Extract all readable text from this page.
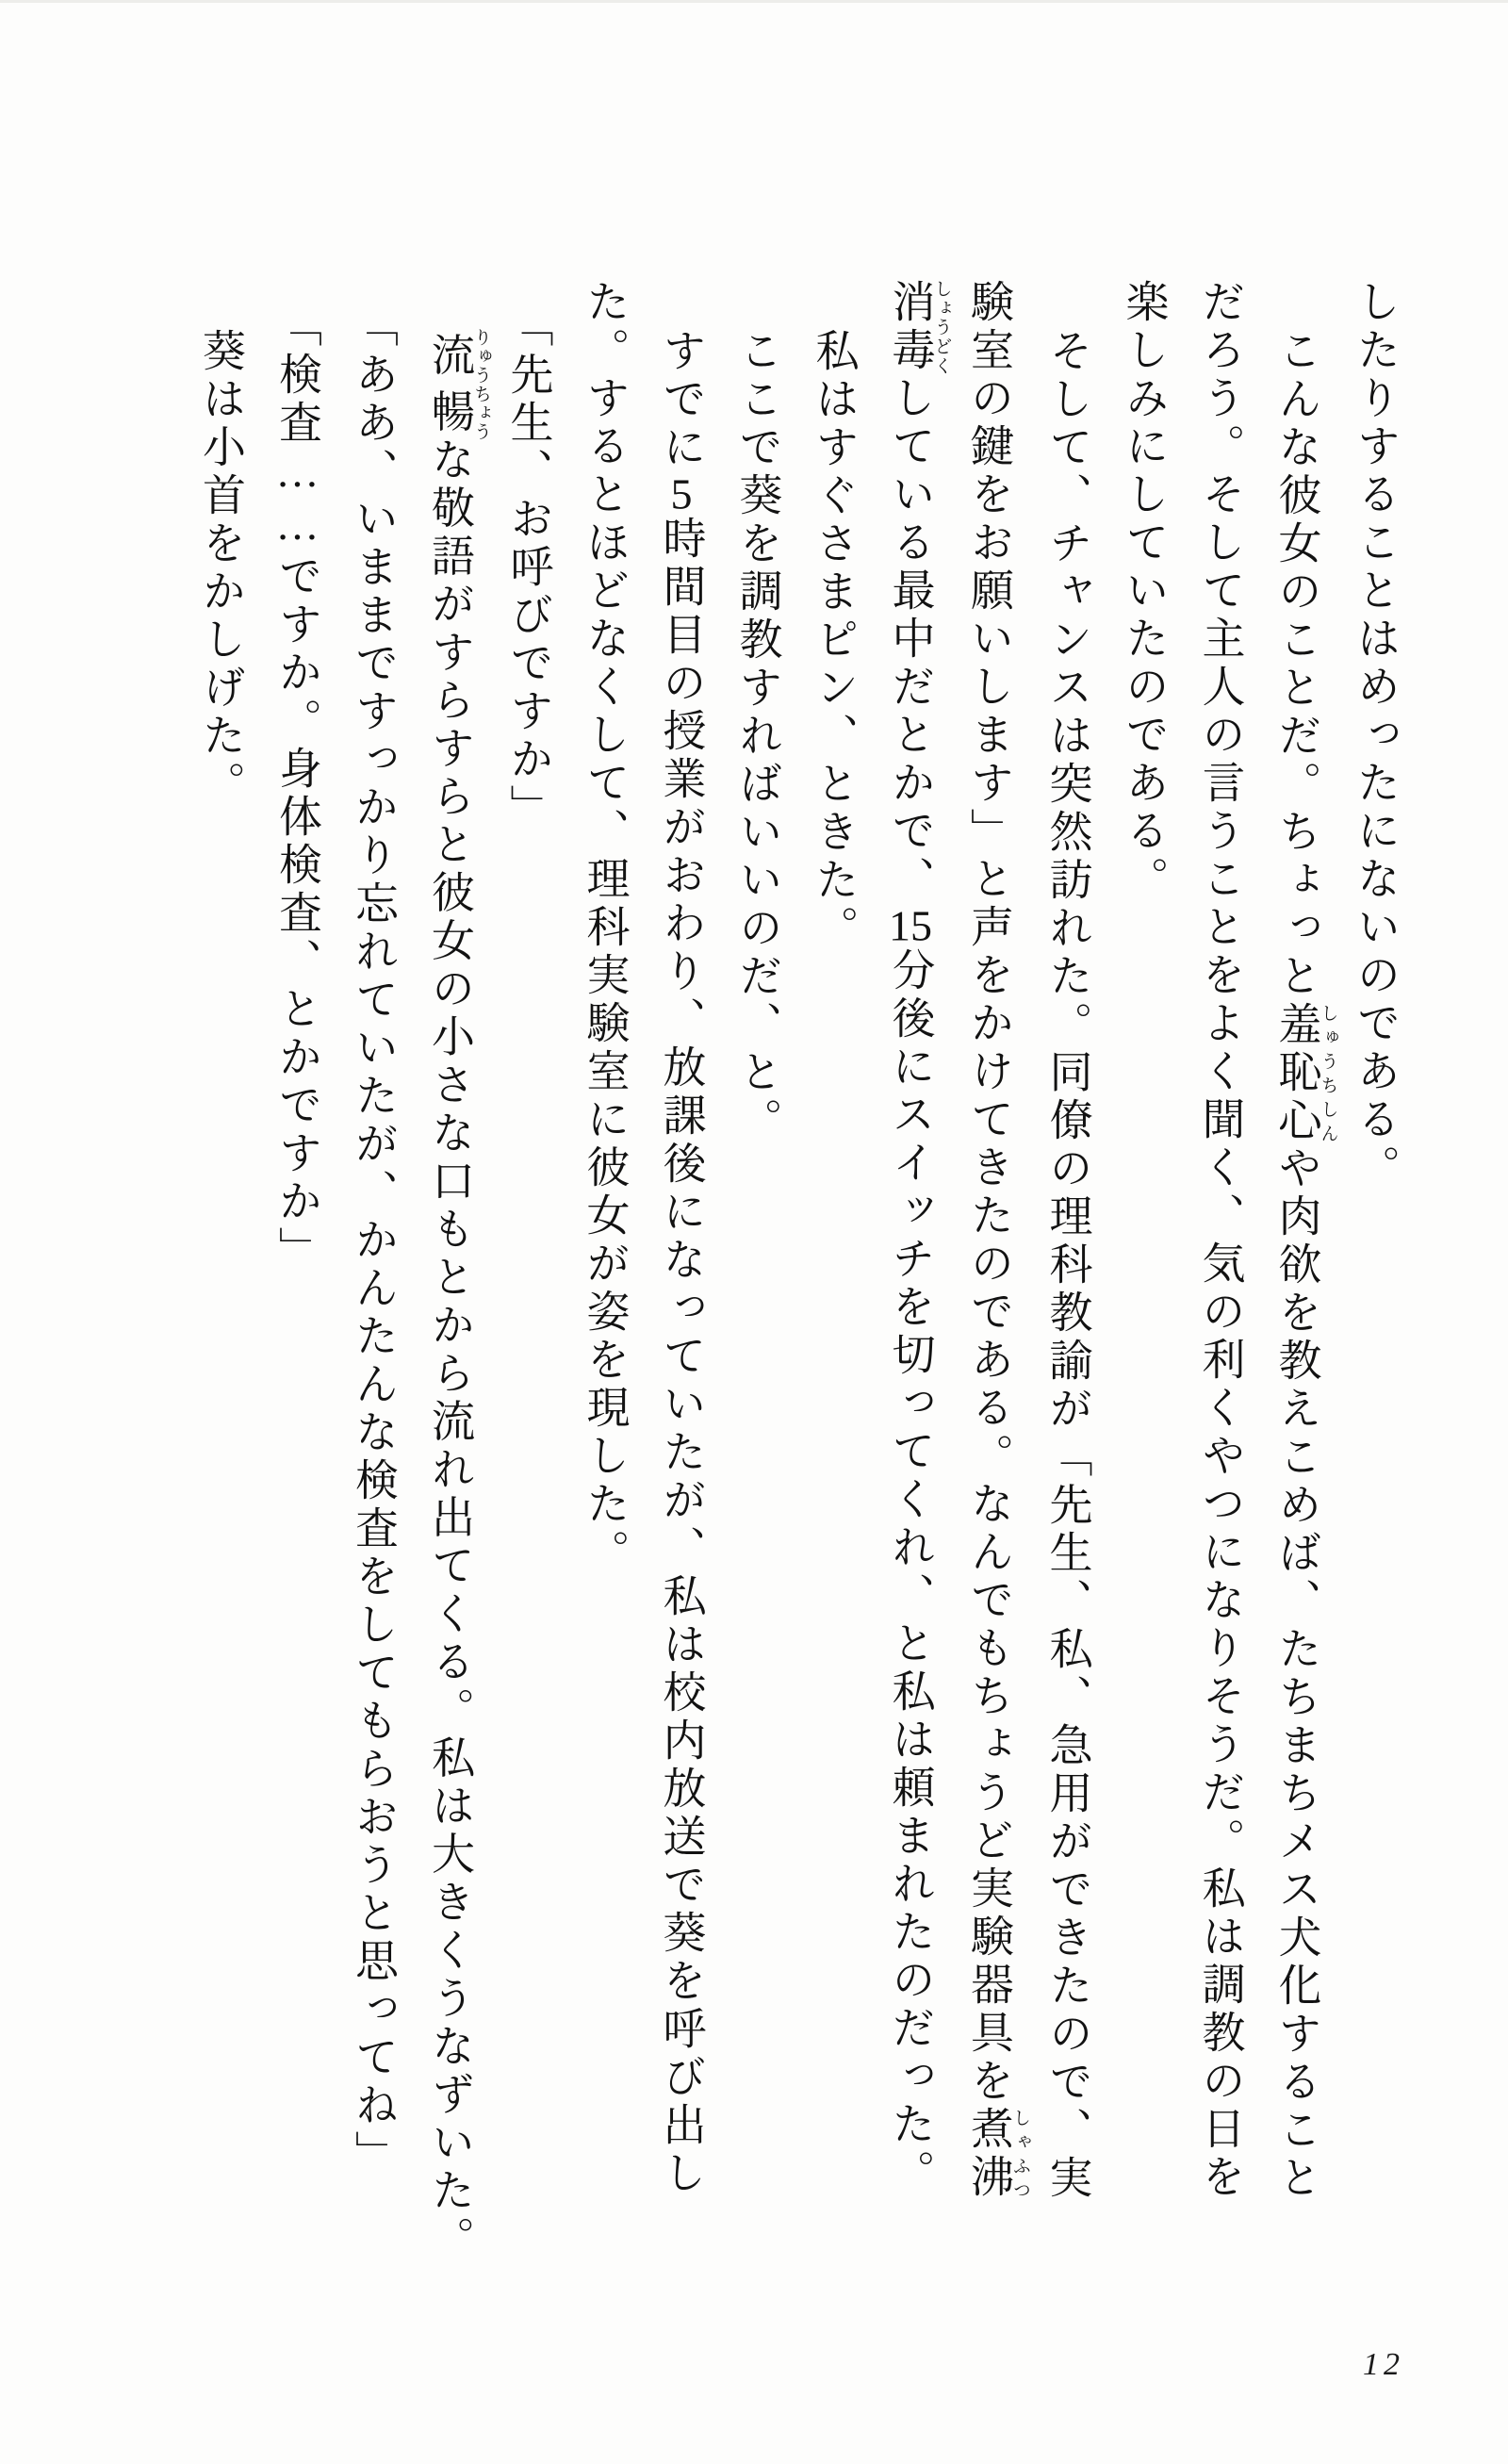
したりすることはめったにないのである。
こんな彼女のことだ。ちょっと羞恥心しゅうちしんや肉欲を教えこめば、たちまちメス犬化すること
だろう。そして主人の言うことをよく聞く、気の利くやつになりそうだ。私は調教の日を
楽しみにしていたのである。
そして、チャンスは突然訪れた。同僚の理科教諭が「先生、私、急用ができたので、実
験室の鍵をお願いします」と声をかけてきたのである。なんでもちょうど実験器具を煮沸しゃふつ
消毒しょうどくしている最中だとかで、15分後にスイッチを切ってくれ、と私は頼まれたのだった。
私はすぐさまピン、ときた。
ここで葵を調教すればいいのだ、と。
すでに5時間目の授業がおわり、放課後になっていたが、私は校内放送で葵を呼び出し
た。するとほどなくして、理科実験室に彼女が姿を現した。
「先生、お呼びですか」
流暢りゅうちょうな敬語がすらすらと彼女の小さな口もとから流れ出てくる。私は大きくうなずいた。
「ああ、いままですっかり忘れていたが、かんたんな検査をしてもらおうと思ってね」
「検査……ですか。身体検査、とかですか」
葵は小首をかしげた。
12
